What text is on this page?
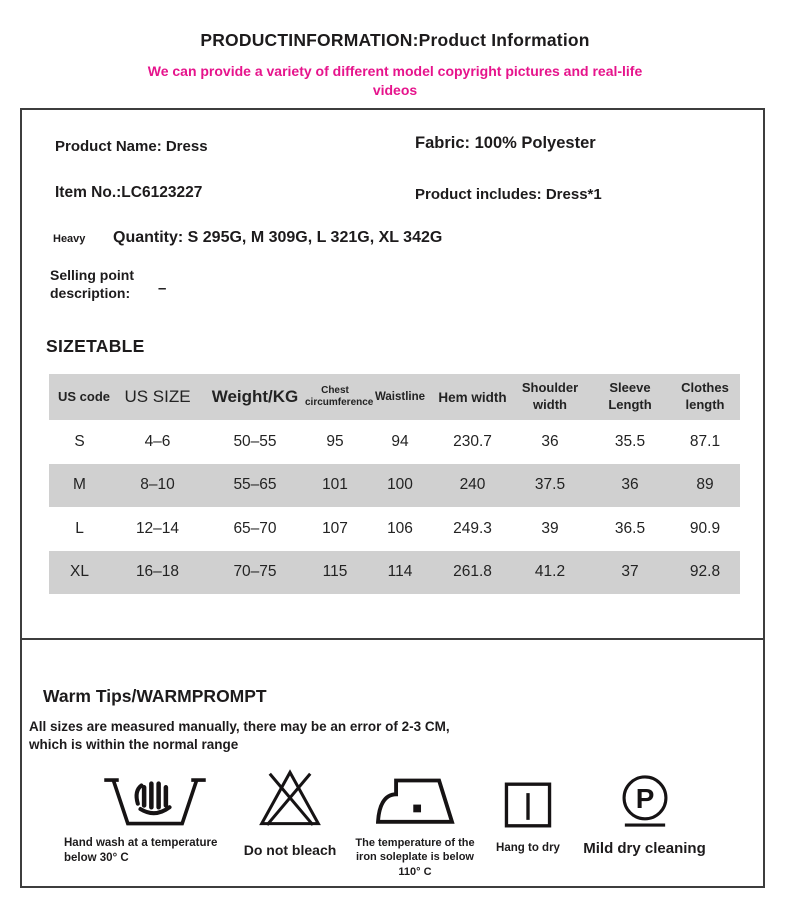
PRODUCTINFORMATION:Product Information
We can provide a variety of different model copyright pictures and real-life videos
Product Name: Dress	Fabric: 100% Polyester
Item No.:LC6123227	Product includes: Dress*1
Heavy Quantity: S 295G, M 309G, L 321G, XL 342G
Selling point description:	–
SIZETABLE
US code	US SIZE	Weight/KG	Chest circumference	Waistline	Hem width	Shoulder width	Sleeve Length	Clothes length
S	4–6	50–55	95	94	230.7	36	35.5	87.1
M	8–10	55–65	101	100	240	37.5	36	89
L	12–14	65–70	107	106	249.3	39	36.5	90.9
XL	16–18	70–75	115	114	261.8	41.2	37	92.8
Warm Tips/WARMPROMPT
All sizes are measured manually, there may be an error of 2-3 CM, which is within the normal range
Hand wash at a temperature below 30° C	Do not bleach	The temperature of the iron soleplate is below 110° C
Hang to dry
P
Mild dry cleaning
